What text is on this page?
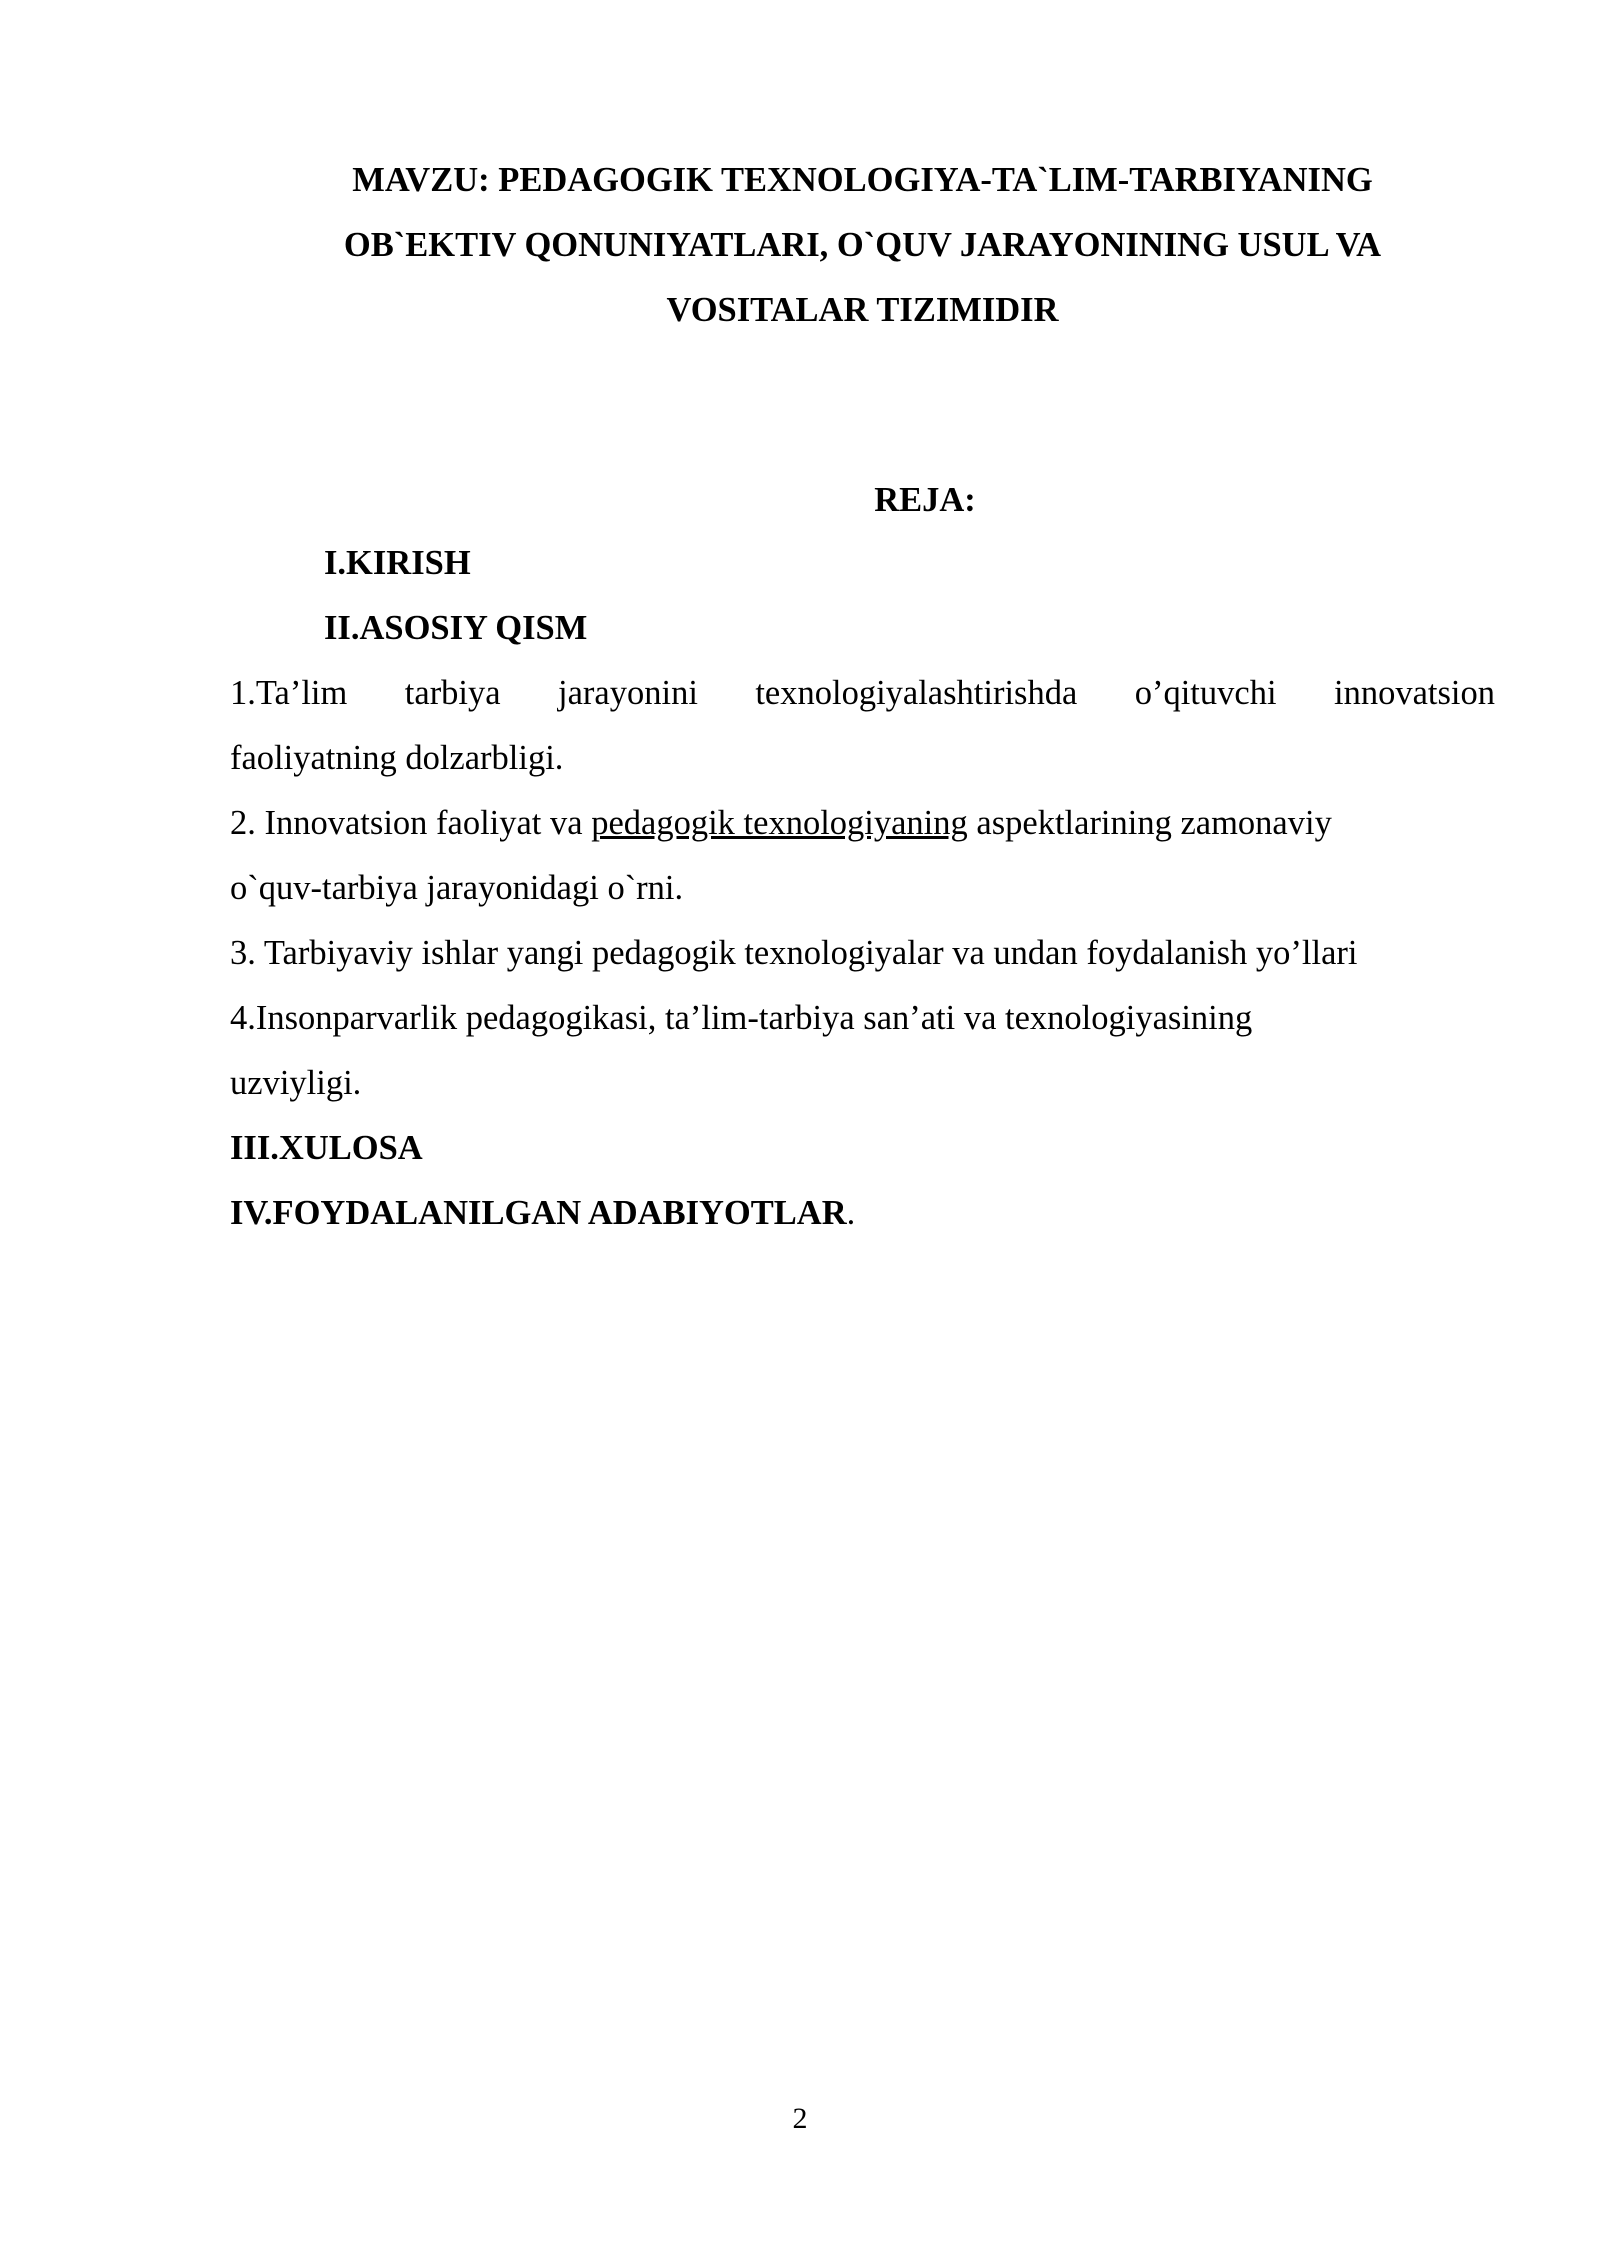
MAVZU: PEDAGOGIK TEXNOLOGIYA-TA`LIM-TARBIYANING
OB`EKTIV QONUNIYATLARI, O`QUV JARAYONINING USUL VA
VOSITALAR TIZIMIDIR
REJA:
I.KIRISH
II.ASOSIY QISM
1.Ta’lim tarbiya jarayonini texnologiyalashtirishda o’qituvchi innovatsion
faoliyatning dolzarbligi.
2. Innovatsion faoliyat va pedagogik texnologiyaning aspektlarining zamonaviy
o`quv-tarbiya jarayonidagi o`rni.
3. Tarbiyaviy ishlar yangi pedagogik texnologiyalar va undan foydalanish yo’llari
4.Insonparvarlik pedagogikasi, ta’lim-tarbiya san’ati va texnologiyasining
uzviyligi.
III.XULOSA
IV.FOYDALANILGAN ADABIYOTLAR.
2
